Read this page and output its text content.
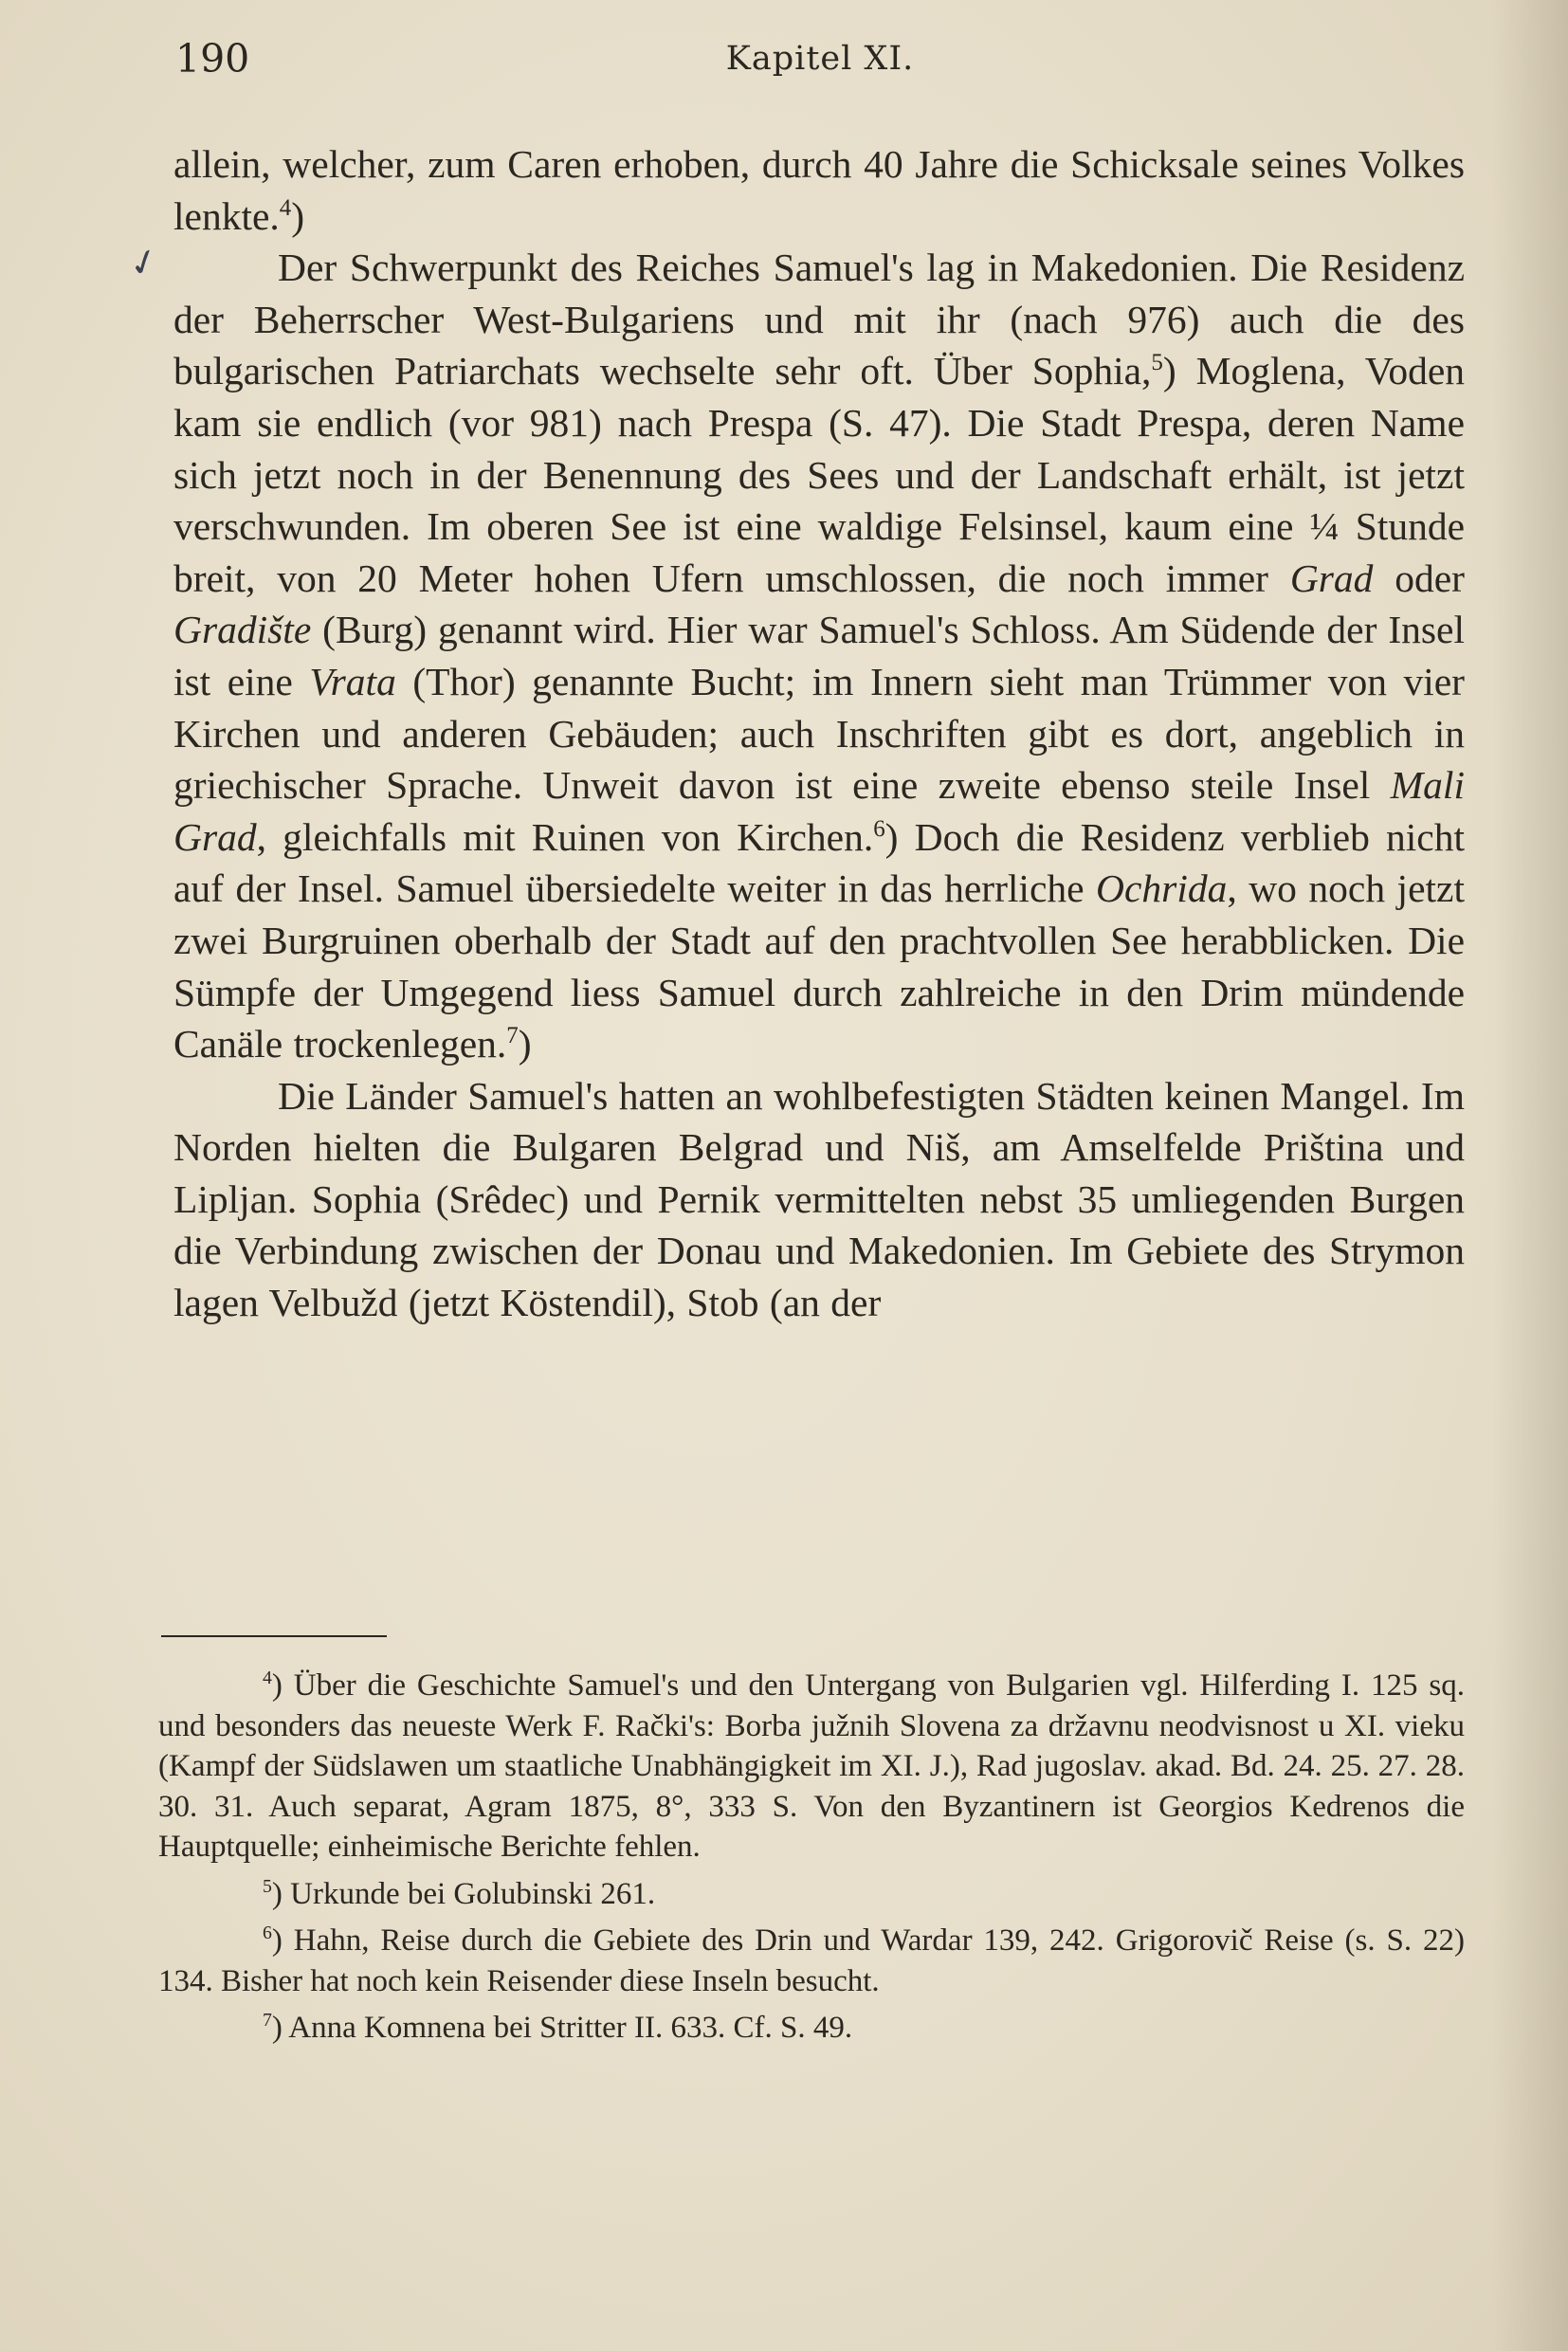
190	Kapitel XI.
✓

allein, welcher, zum Caren erhoben, durch 40 Jahre die Schicksale seines Volkes lenkte.$^4$)

Der Schwerpunkt des Reiches Samuel's lag in Makedonien. Die Residenz der Beherrscher West-Bulgariens und mit ihr (nach 976) auch die des bulgarischen Patriarchats wechselte sehr oft. Über Sophia,$^5$) Moglena, Voden kam sie endlich (vor 981) nach Prespa (S. 47). Die Stadt Prespa, deren Name sich jetzt noch in der Benennung des Sees und der Landschaft erhält, ist jetzt verschwunden. Im oberen See ist eine waldige Felsinsel, kaum eine ¼ Stunde breit, von 20 Meter hohen Ufern umschlossen, die noch immer Grad oder Gradište (Burg) genannt wird. Hier war Samuel's Schloss. Am Südende der Insel ist eine Vrata (Thor) genannte Bucht; im Innern sieht man Trümmer von vier Kirchen und anderen Gebäuden; auch Inschriften gibt es dort, angeblich in griechischer Sprache. Unweit davon ist eine zweite ebenso steile Insel Mali Grad, gleichfalls mit Ruinen von Kirchen.$^6$) Doch die Residenz verblieb nicht auf der Insel. Samuel übersiedelte weiter in das herrliche Ochrida, wo noch jetzt zwei Burgruinen oberhalb der Stadt auf den prachtvollen See herabblicken. Die Sümpfe der Umgegend liess Samuel durch zahlreiche in den Drim mündende Canäle trockenlegen.$^7$)

Die Länder Samuel's hatten an wohlbefestigten Städten keinen Mangel. Im Norden hielten die Bulgaren Belgrad und Niš, am Amselfelde Priština und Lipljan. Sophia (Srêdec) und Pernik vermittelten nebst 35 umliegenden Burgen die Verbindung zwischen der Donau und Makedonien. Im Gebiete des Strymon lagen Velbužd (jetzt Köstendil), Stob (an der

$^4$) Über die Geschichte Samuel's und den Untergang von Bulgarien vgl. Hilferding I. 125 sq. und besonders das neueste Werk F. Rački's: Borba južnih Slovena za državnu neodvisnost u XI. vieku (Kampf der Südslawen um staatliche Unabhängigkeit im XI. J.), Rad jugoslav. akad. Bd. 24. 25. 27. 28. 30. 31. Auch separat, Agram 1875, 8°, 333 S. Von den Byzantinern ist Georgios Kedrenos die Hauptquelle; einheimische Berichte fehlen.

$^5$) Urkunde bei Golubinski 261.

$^6$) Hahn, Reise durch die Gebiete des Drin und Wardar 139, 242. Grigorovič Reise (s. S. 22) 134. Bisher hat noch kein Reisender diese Inseln besucht.

$^7$) Anna Komnena bei Stritter II. 633. Cf. S. 49.
